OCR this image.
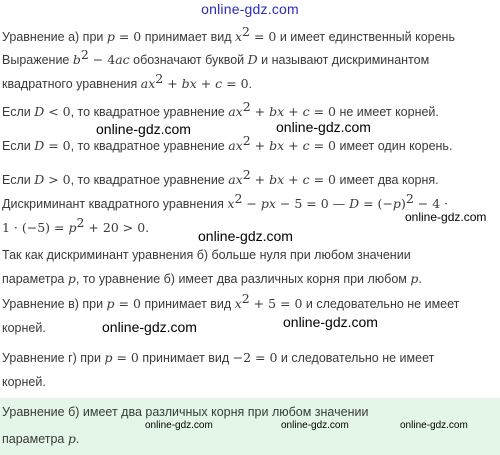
online-gdz.com
Уравнение а) при p = 0 принимает вид $x^2 = 0$ и имеет единственный корень
Выражение $b^2 - 4ac$ обозначают буквой D и называют дискриминантом
квадратного уравнения $ax^2$ + bx + c = 0.
Если D < 0, то квадратное уравнение $ax^2$ + bx + c = 0 не имеет корней.
Если D = 0, то квадратное уравнение $ax^2$ + bx + c = 0 имеет один корень.
Если D > 0, то квадратное уравнение $ax^2$ + bx + c = 0 имеет два корня.
Дискриминант квадратного уравнения $x^2$ − px − 5 = 0 — $D = (-p)^2 - 4$ ·
$1 \cdot (-5) = p^2 + 20 > 0$.
Так как дискриминант уравнения б) больше нуля при любом значении
параметра p, то уравнение б) имеет два различных корня при любом p.
Уравнение в) при p = 0 принимает вид $x^2 + 5 = 0$ и следовательно не имеет
корней.
Уравнение г) при p = 0 принимает вид −2 = 0 и следовательно не имеет
корней.
Уравнение б) имеет два различных корня при любом значении
параметра p.
online-gdz.com	online-gdz.com
online-gdz.com
online-gdz.com
online-gdz.com	online-gdz.com
online-gdz.com	online-gdz.com	online-gdz.com
